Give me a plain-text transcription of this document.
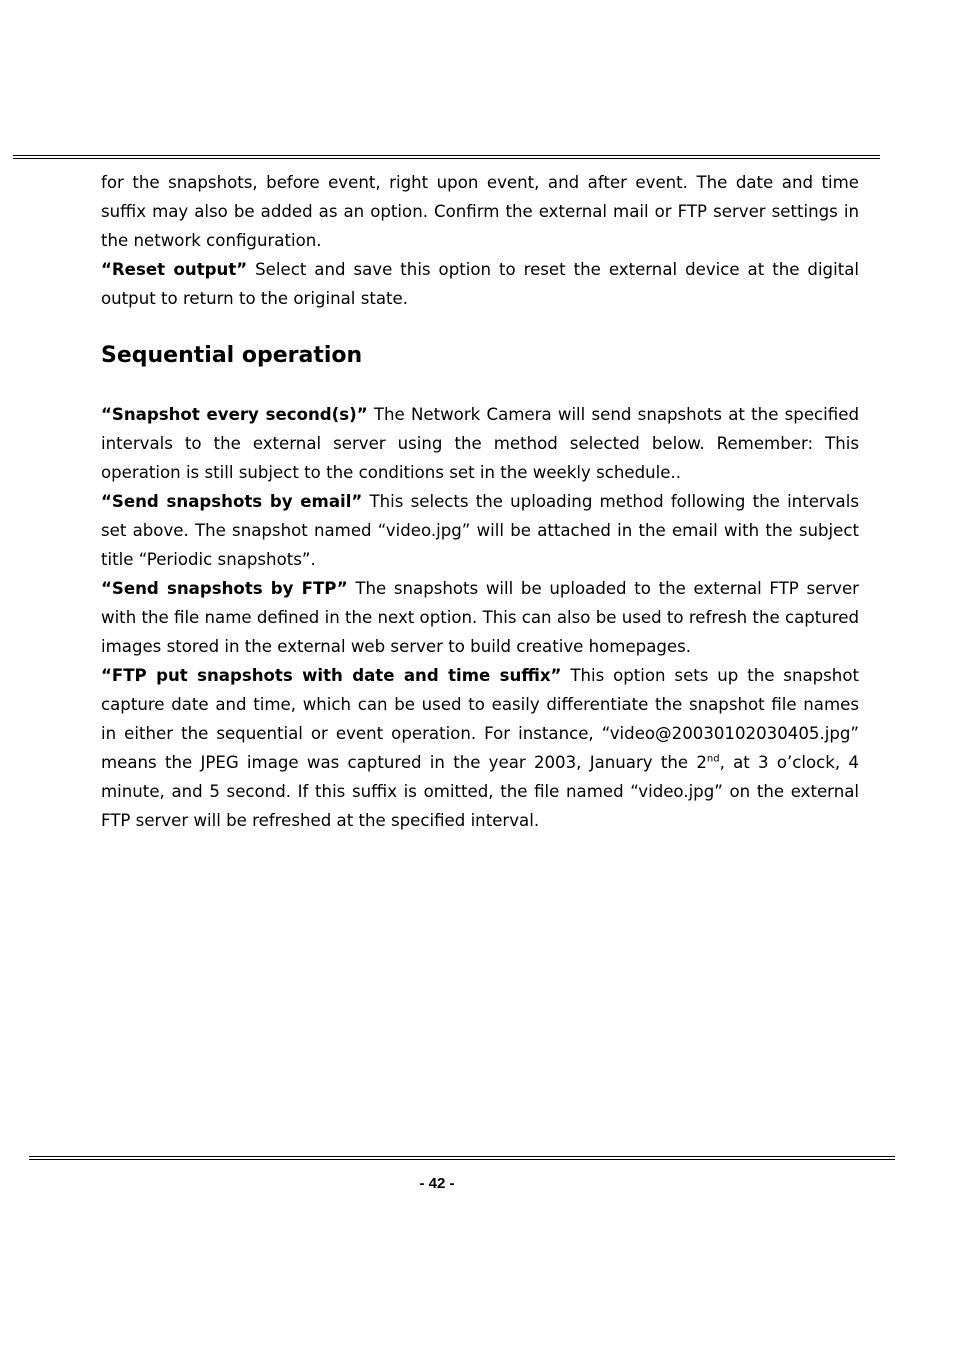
for the snapshots, before event, right upon event, and after event. The date and time suffix may also be added as an option. Confirm the external mail or FTP server settings in the network configuration.

“Reset output” Select and save this option to reset the external device at the digital output to return to the original state.

Sequential operation

“Snapshot every second(s)” The Network Camera will send snapshots at the specified intervals to the external server using the method selected below. Remember: This operation is still subject to the conditions set in the weekly schedule..

“Send snapshots by email” This selects the uploading method following the intervals set above. The snapshot named “video.jpg” will be attached in the email with the subject title “Periodic snapshots”.

“Send snapshots by FTP” The snapshots will be uploaded to the external FTP server with the file name defined in the next option. This can also be used to refresh the captured images stored in the external web server to build creative homepages.

“FTP put snapshots with date and time suffix” This option sets up the snapshot capture date and time, which can be used to easily differentiate the snapshot file names in either the sequential or event operation. For instance, “video@20030102030405.jpg” means the JPEG image was captured in the year 2003, January the 2nd, at 3 o’clock, 4 minute, and 5 second. If this suffix is omitted, the file named “video.jpg” on the external FTP server will be refreshed at the specified interval.

- 42 -
